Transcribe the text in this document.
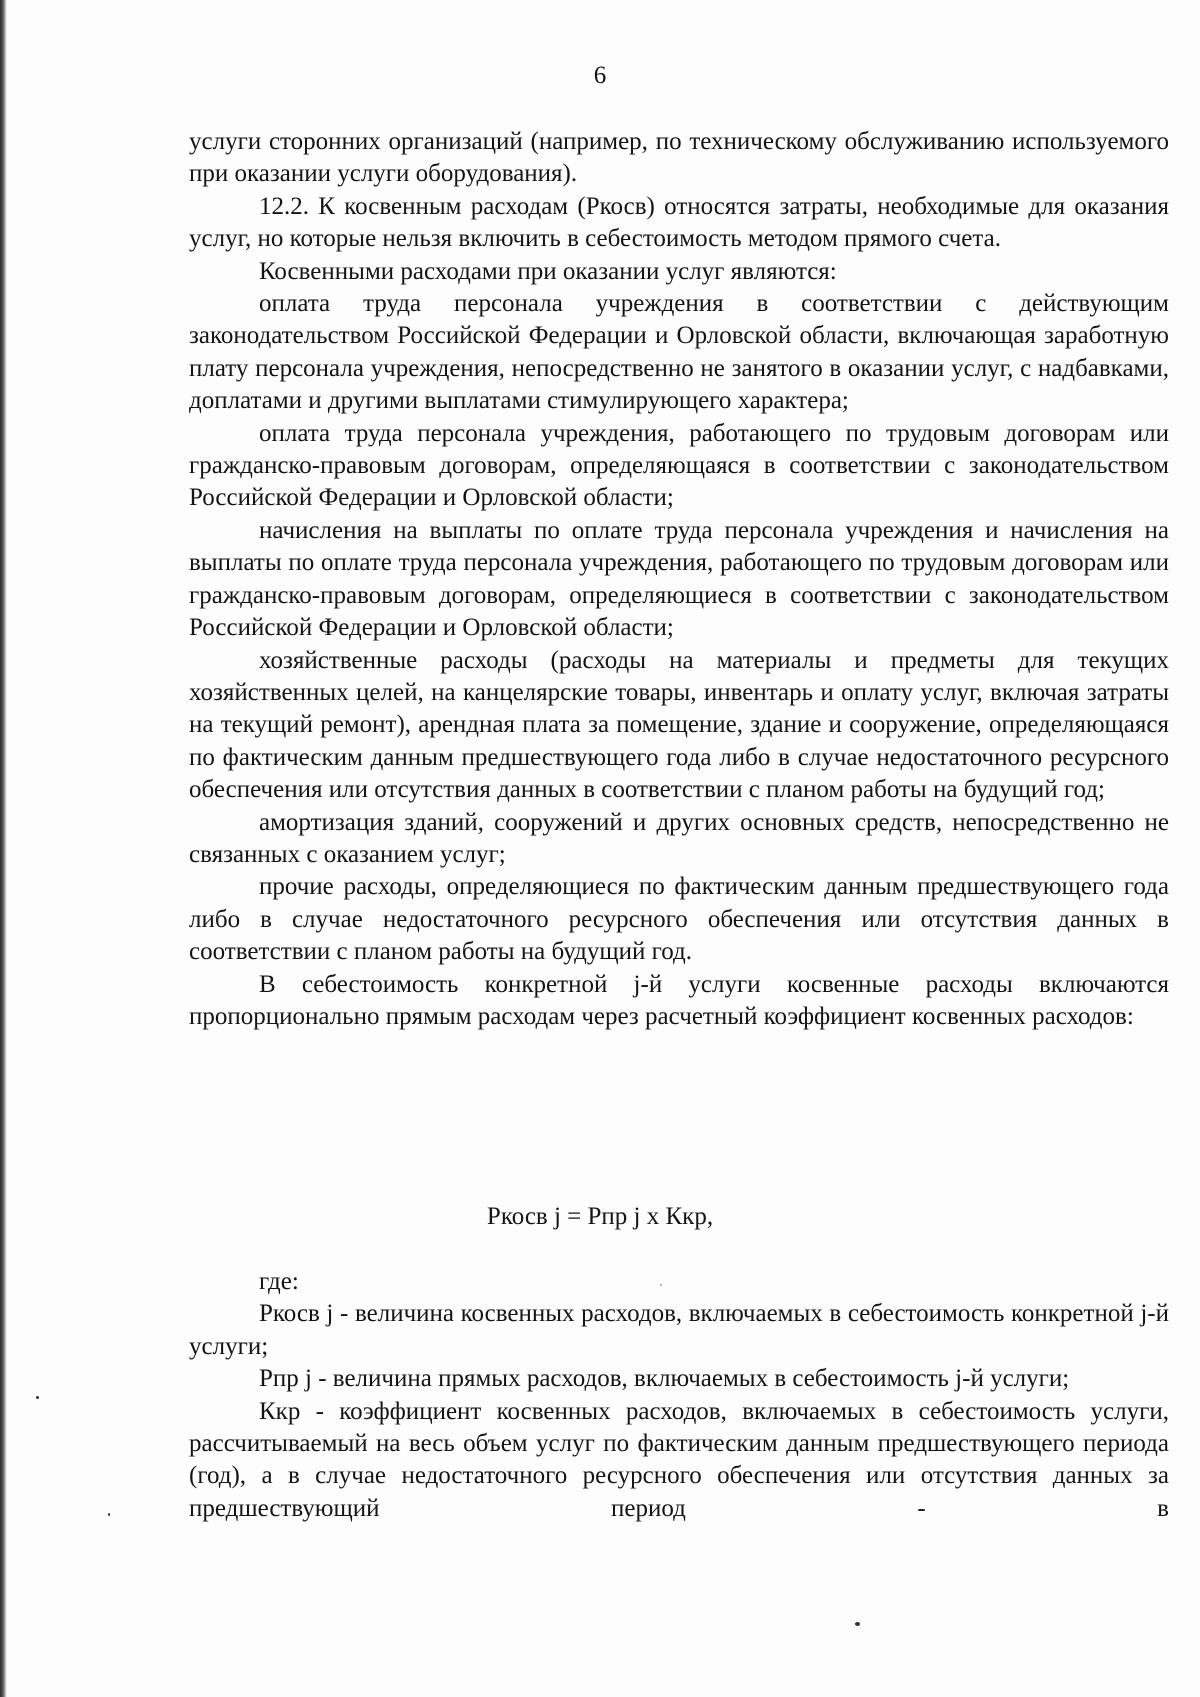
6

услуги сторонних организаций (например, по техническому обслуживанию используемого при оказании услуги оборудования).

12.2. К косвенным расходам (Ркосв) относятся затраты, необходимые для оказания услуг, но которые нельзя включить в себестоимость методом прямого счета.

Косвенными расходами при оказании услуг являются:

оплата труда персонала учреждения в соответствии с действующим законодательством Российской Федерации и Орловской области, включающая заработную плату персонала учреждения, непосредственно не занятого в оказании услуг, с надбавками, доплатами и другими выплатами стимулирующего характера;

оплата труда персонала учреждения, работающего по трудовым договорам или гражданско-правовым договорам, определяющаяся в соответствии с законодательством Российской Федерации и Орловской области;

начисления на выплаты по оплате труда персонала учреждения и начисления на выплаты по оплате труда персонала учреждения, работающего по трудовым договорам или гражданско-правовым договорам, определяющиеся в соответствии с законодательством Российской Федерации и Орловской области;

хозяйственные расходы (расходы на материалы и предметы для текущих хозяйственных целей, на канцелярские товары, инвентарь и оплату услуг, включая затраты на текущий ремонт), арендная плата за помещение, здание и сооружение, определяющаяся по фактическим данным предшествующего года либо в случае недостаточного ресурсного обеспечения или отсутствия данных в соответствии с планом работы на будущий год;

амортизация зданий, сооружений и других основных средств, непосредственно не связанных с оказанием услуг;

прочие расходы, определяющиеся по фактическим данным предшествующего года либо в случае недостаточного ресурсного обеспечения или отсутствия данных в соответствии с планом работы на будущий год.

В себестоимость конкретной j-й услуги косвенные расходы включаются пропорционально прямым расходам через расчетный коэффициент косвенных расходов:

Ркосв j = Рпр j х Ккр,

где:

Ркосв j - величина косвенных расходов, включаемых в себестоимость конкретной j-й услуги;

Рпр j - величина прямых расходов, включаемых в себестоимость j-й услуги;

Ккр - коэффициент косвенных расходов, включаемых в себестоимость услуги, рассчитываемый на весь объем услуг по фактическим данным предшествующего периода (год), а в случае недостаточного ресурсного обеспечения или отсутствия данных за предшествующий период - в
